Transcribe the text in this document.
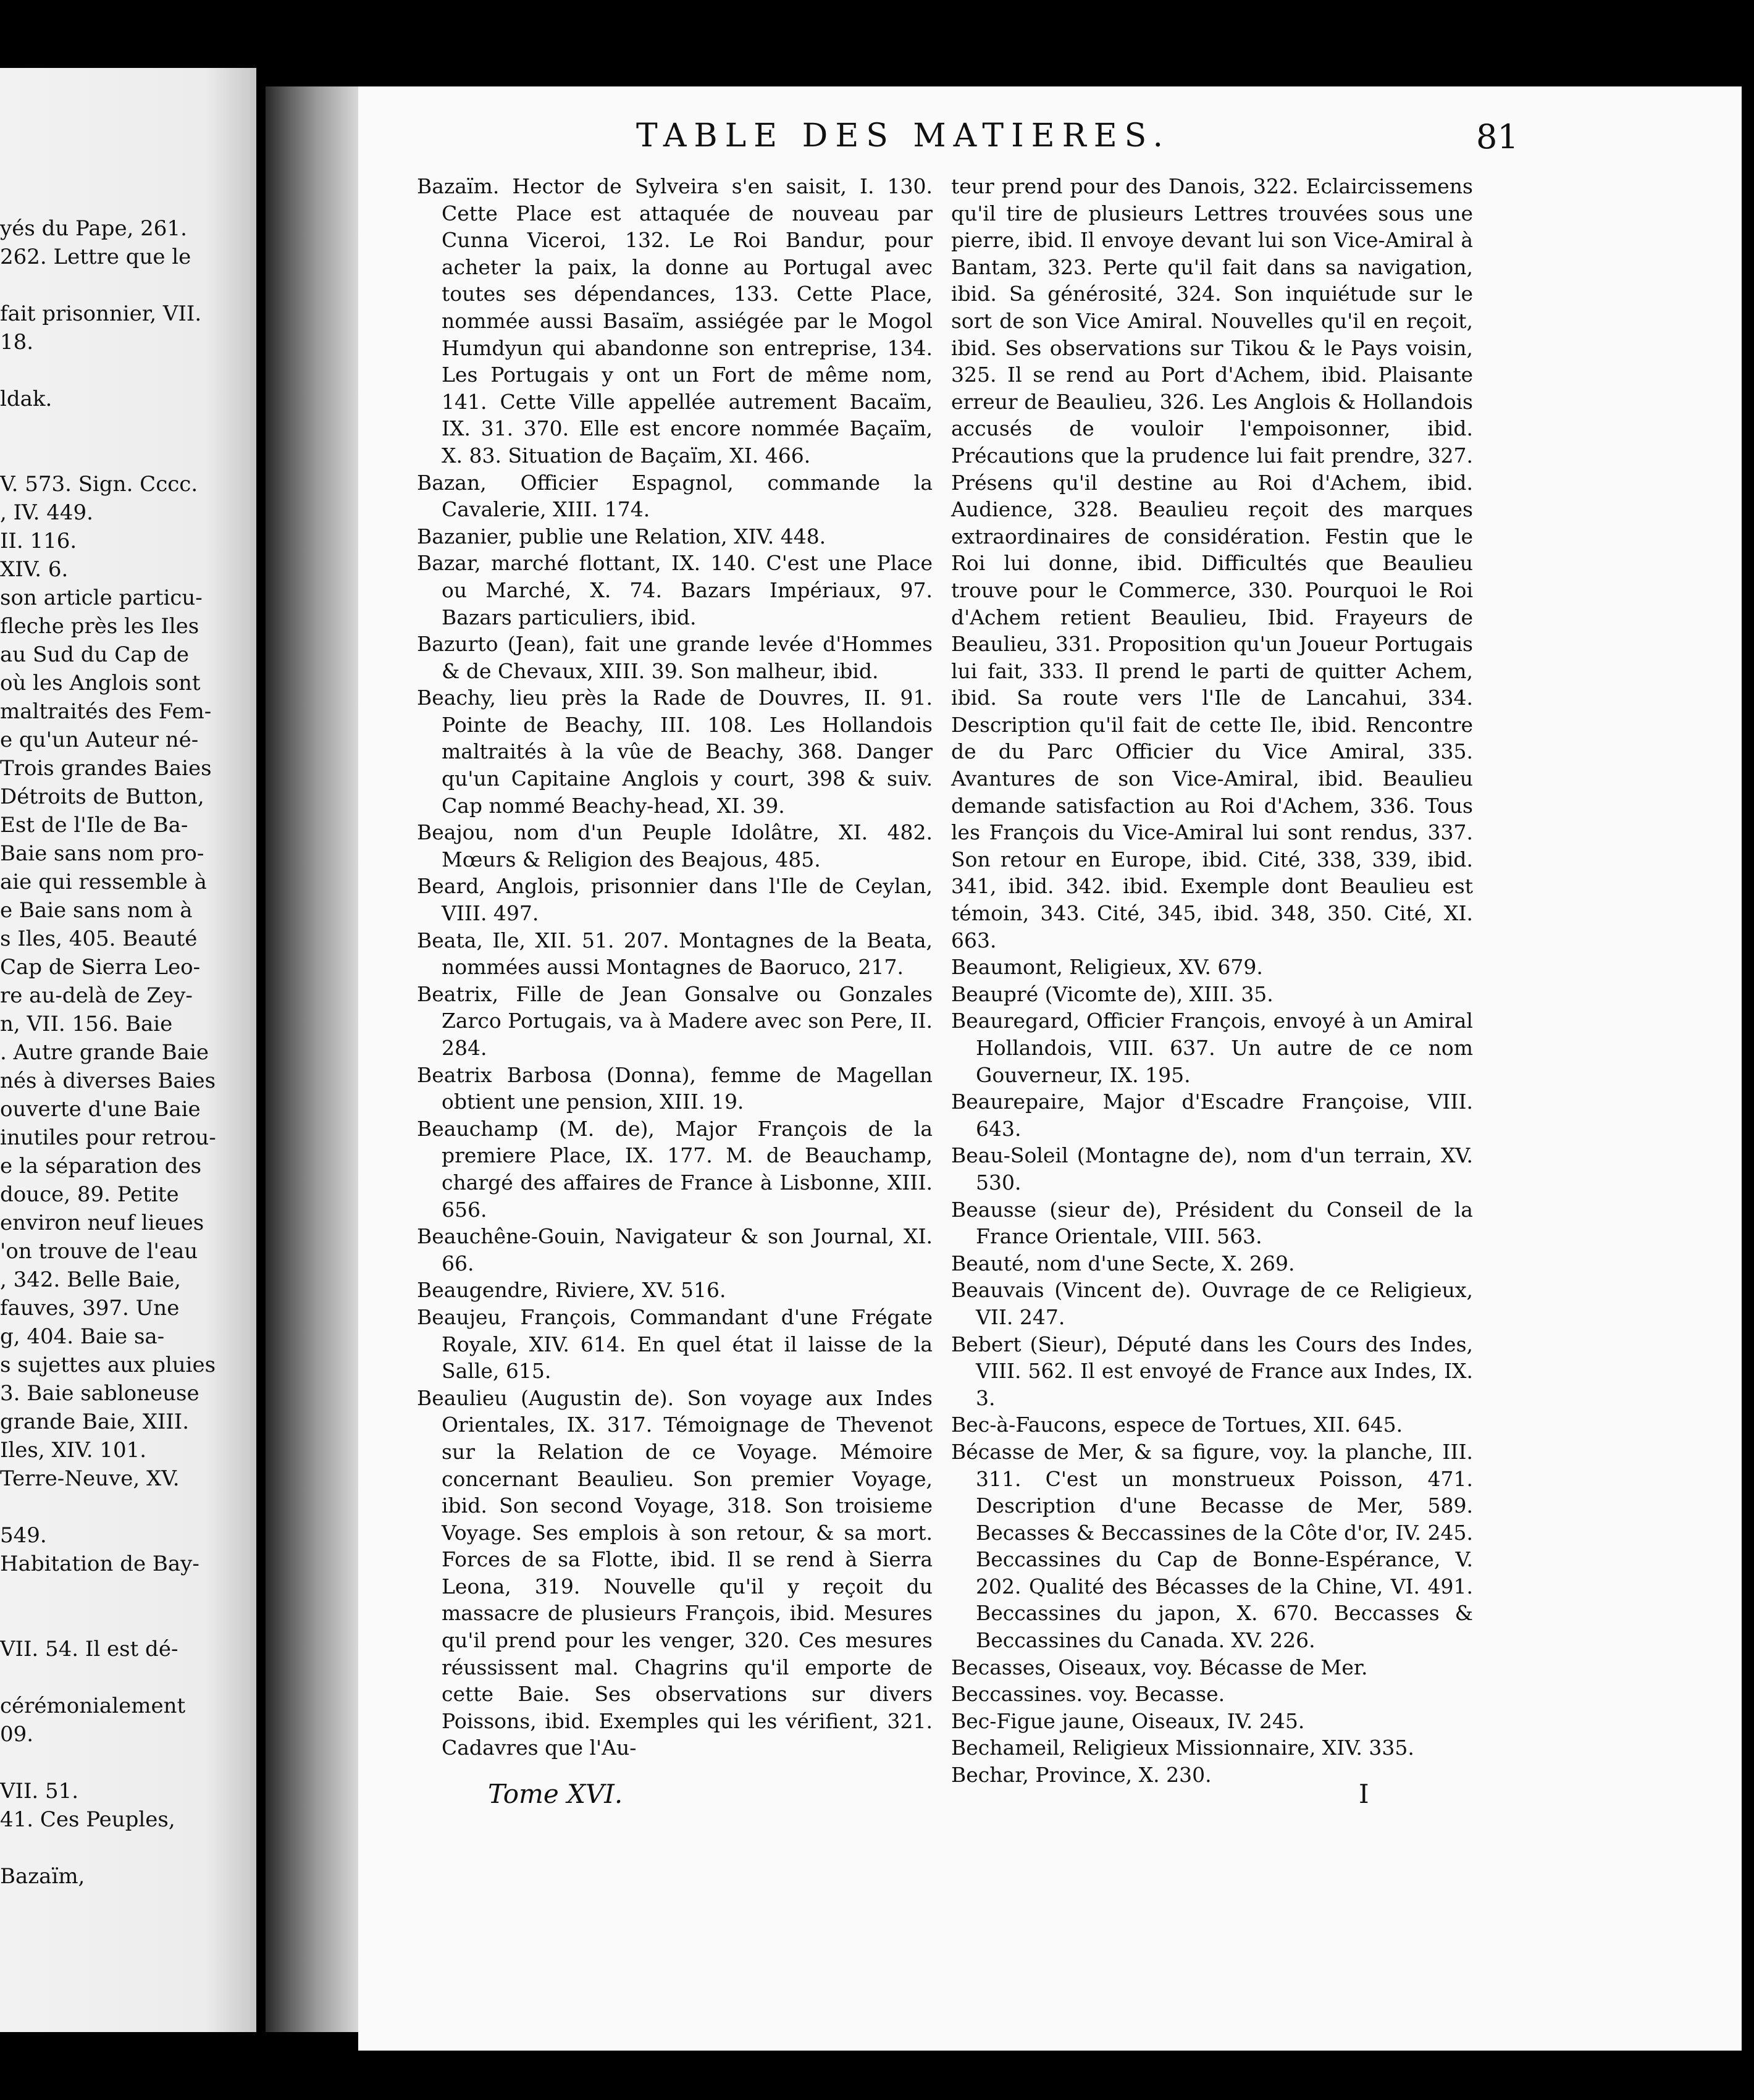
yés du Pape, 261.
262. Lettre que le
fait prisonnier, VII.
18.
ldak.
V. 573. Sign. Cccc.
, IV. 449.
II. 116.
XIV. 6.
son article particu-
fleche près les Iles
au Sud du Cap de
où les Anglois sont
maltraités des Fem-
e qu'un Auteur né-
Trois grandes Baies
Détroits de Button,
Est de l'Ile de Ba-
Baie sans nom pro-
aie qui ressemble à
e Baie sans nom à
s Iles, 405. Beauté
Cap de Sierra Leo-
re au-delà de Zey-
n, VII. 156. Baie
. Autre grande Baie
nés à diverses Baies
ouverte d'une Baie
inutiles pour retrou-
e la séparation des
douce, 89. Petite
environ neuf lieues
'on trouve de l'eau
, 342. Belle Baie,
fauves, 397. Une
g, 404. Baie sa-
s sujettes aux pluies
3. Baie sabloneuse
grande Baie, XIII.
Iles, XIV. 101.
Terre-Neuve, XV.
549.
Habitation de Bay-
VII. 54. Il est dé-
cérémonialement
09.
VII. 51.
41. Ces Peuples,
Bazaïm,
TABLE DES MATIERES.	81

Bazaïm. Hector de Sylveira s'en saisit, I. 130. Cette Place est attaquée de nouveau par Cunna Viceroi, 132. Le Roi Bandur, pour acheter la paix, la donne au Portugal avec toutes ses dépendances, 133. Cette Place, nommée aussi Basaïm, assiégée par le Mogol Humdyun qui abandonne son entreprise, 134. Les Portugais y ont un Fort de même nom, 141. Cette Ville appellée autrement Bacaïm, IX. 31. 370. Elle est encore nommée Baçaïm, X. 83. Situation de Baçaïm, XI. 466.

Bazan, Officier Espagnol, commande la Cavalerie, XIII. 174.

Bazanier, publie une Relation, XIV. 448.

Bazar, marché flottant, IX. 140. C'est une Place ou Marché, X. 74. Bazars Impériaux, 97. Bazars particuliers, ibid.

Bazurto (Jean), fait une grande levée d'Hommes & de Chevaux, XIII. 39. Son malheur, ibid.

Beachy, lieu près la Rade de Douvres, II. 91. Pointe de Beachy, III. 108. Les Hollandois maltraités à la vûe de Beachy, 368. Danger qu'un Capitaine Anglois y court, 398 & suiv. Cap nommé Beachy-head, XI. 39.

Beajou, nom d'un Peuple Idolâtre, XI. 482. Mœurs & Religion des Beajous, 485.

Beard, Anglois, prisonnier dans l'Ile de Ceylan, VIII. 497.

Beata, Ile, XII. 51. 207. Montagnes de la Beata, nommées aussi Montagnes de Baoruco, 217.

Beatrix, Fille de Jean Gonsalve ou Gonzales Zarco Portugais, va à Madere avec son Pere, II. 284.

Beatrix Barbosa (Donna), femme de Magellan obtient une pension, XIII. 19.

Beauchamp (M. de), Major François de la premiere Place, IX. 177. M. de Beauchamp, chargé des affaires de France à Lisbonne, XIII. 656.

Beauchêne-Gouin, Navigateur & son Journal, XI. 66.

Beaugendre, Riviere, XV. 516.

Beaujeu, François, Commandant d'une Frégate Royale, XIV. 614. En quel état il laisse de la Salle, 615.

Beaulieu (Augustin de). Son voyage aux Indes Orientales, IX. 317. Témoignage de Thevenot sur la Relation de ce Voyage. Mémoire concernant Beaulieu. Son premier Voyage, ibid. Son second Voyage, 318. Son troisieme Voyage. Ses emplois à son retour, & sa mort. Forces de sa Flotte, ibid. Il se rend à Sierra Leona, 319. Nouvelle qu'il y reçoit du massacre de plusieurs François, ibid. Mesures qu'il prend pour les venger, 320. Ces mesures réussissent mal. Chagrins qu'il emporte de cette Baie. Ses observations sur divers Poissons, ibid. Exemples qui les vérifient, 321. Cadavres que l'Au-

teur prend pour des Danois, 322. Eclaircissemens qu'il tire de plusieurs Lettres trouvées sous une pierre, ibid. Il envoye devant lui son Vice-Amiral à Bantam, 323. Perte qu'il fait dans sa navigation, ibid. Sa générosité, 324. Son inquiétude sur le sort de son Vice Amiral. Nouvelles qu'il en reçoit, ibid. Ses observations sur Tikou & le Pays voisin, 325. Il se rend au Port d'Achem, ibid. Plaisante erreur de Beaulieu, 326. Les Anglois & Hollandois accusés de vouloir l'empoisonner, ibid. Précautions que la prudence lui fait prendre, 327. Présens qu'il destine au Roi d'Achem, ibid. Audience, 328. Beaulieu reçoit des marques extraordinaires de considération. Festin que le Roi lui donne, ibid. Difficultés que Beaulieu trouve pour le Commerce, 330. Pourquoi le Roi d'Achem retient Beaulieu, Ibid. Frayeurs de Beaulieu, 331. Proposition qu'un Joueur Portugais lui fait, 333. Il prend le parti de quitter Achem, ibid. Sa route vers l'Ile de Lancahui, 334. Description qu'il fait de cette Ile, ibid. Rencontre de du Parc Officier du Vice Amiral, 335. Avantures de son Vice-Amiral, ibid. Beaulieu demande satisfaction au Roi d'Achem, 336. Tous les François du Vice-Amiral lui sont rendus, 337. Son retour en Europe, ibid. Cité, 338, 339, ibid. 341, ibid. 342. ibid. Exemple dont Beaulieu est témoin, 343. Cité, 345, ibid. 348, 350. Cité, XI. 663.

Beaumont, Religieux, XV. 679.

Beaupré (Vicomte de), XIII. 35.

Beauregard, Officier François, envoyé à un Amiral Hollandois, VIII. 637. Un autre de ce nom Gouverneur, IX. 195.

Beaurepaire, Major d'Escadre Françoise, VIII. 643.

Beau-Soleil (Montagne de), nom d'un terrain, XV. 530.

Beausse (sieur de), Président du Conseil de la France Orientale, VIII. 563.

Beauté, nom d'une Secte, X. 269.

Beauvais (Vincent de). Ouvrage de ce Religieux, VII. 247.

Bebert (Sieur), Député dans les Cours des Indes, VIII. 562. Il est envoyé de France aux Indes, IX. 3.

Bec-à-Faucons, espece de Tortues, XII. 645.

Bécasse de Mer, & sa figure, voy. la planche, III. 311. C'est un monstrueux Poisson, 471. Description d'une Becasse de Mer, 589. Becasses & Beccassines de la Côte d'or, IV. 245. Beccassines du Cap de Bonne-Espérance, V. 202. Qualité des Bécasses de la Chine, VI. 491. Beccassines du japon, X. 670. Beccasses & Beccassines du Canada. XV. 226.

Becasses, Oiseaux, voy. Bécasse de Mer.

Beccassines. voy. Becasse.

Bec-Figue jaune, Oiseaux, IV. 245.

Bechameil, Religieux Missionnaire, XIV. 335.

Bechar, Province, X. 230.

Tome XVI.	I
